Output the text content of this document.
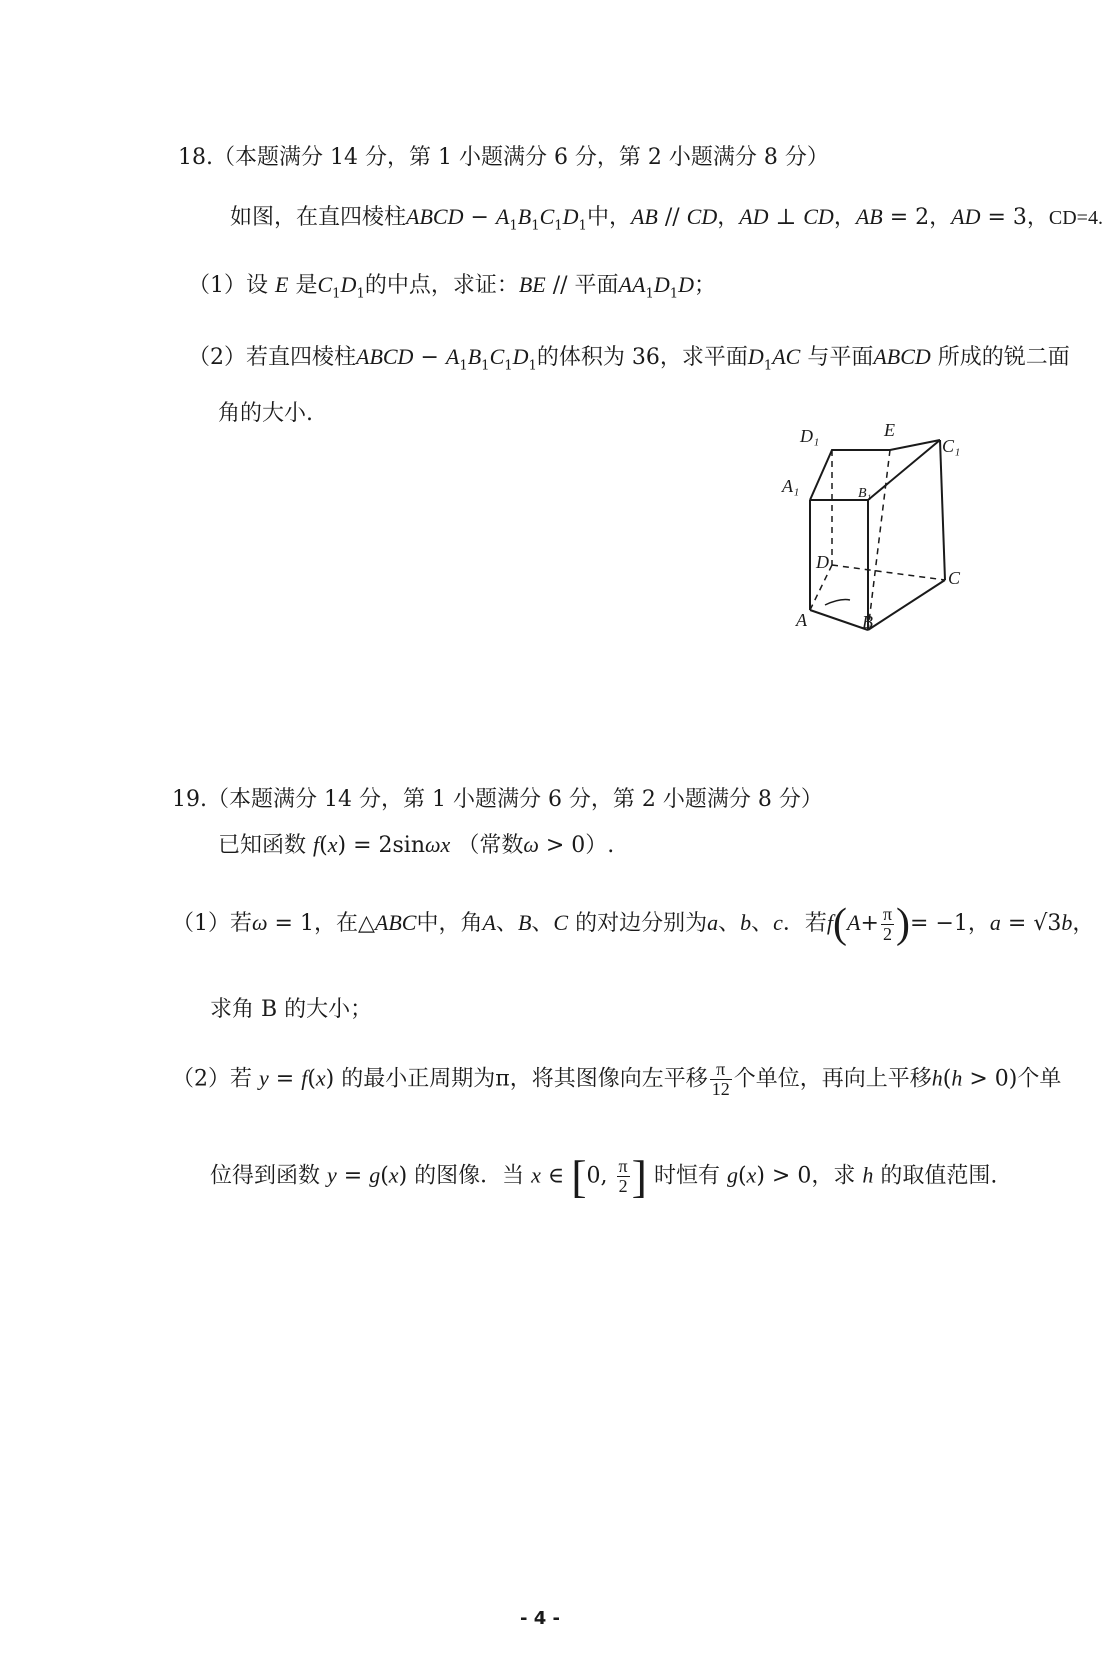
18.（本题满分 14 分，第 1 小题满分 6 分，第 2 小题满分 8 分）
如图，在直四棱柱ABCD − $A_1B_1C_1D_1$中，AB // CD，AD ⊥ CD，AB = 2，AD = 3，CD=4.
（1）设 E 是$C_1D_1$的中点，求证：BE // 平面$AA_1D_1D$；
（2）若直四棱柱ABCD − $A_1B_1C_1D_1$的体积为 36，求平面$D_1AC$ 与平面ABCD 所成的锐二面
角的大小.
D₁	E
C₁
A₁	B₁
D
C
A	B
19.（本题满分 14 分，第 1 小题满分 6 分，第 2 小题满分 8 分）
已知函数 f(x) = 2sinωx （常数ω > 0）.
（1）若ω = 1，在△ABC中，角A、B、C 的对边分别为a、b、c．若$f(A+ \frac{\pi}{2}$ )= −1，a = √3b，
求角 B 的大小；
（2）若 y = f(x) 的最小正周期为π，将其图像向左平移 $\frac{\pi}{12}$ 个单位，再向上平移h(h > 0)个单
位得到函数 y = g(x) 的图像．当 x ∈ [0, $\frac{\pi}{2}$ ] 时恒有 g(x) > 0，求 h 的取值范围.
- 4 -
